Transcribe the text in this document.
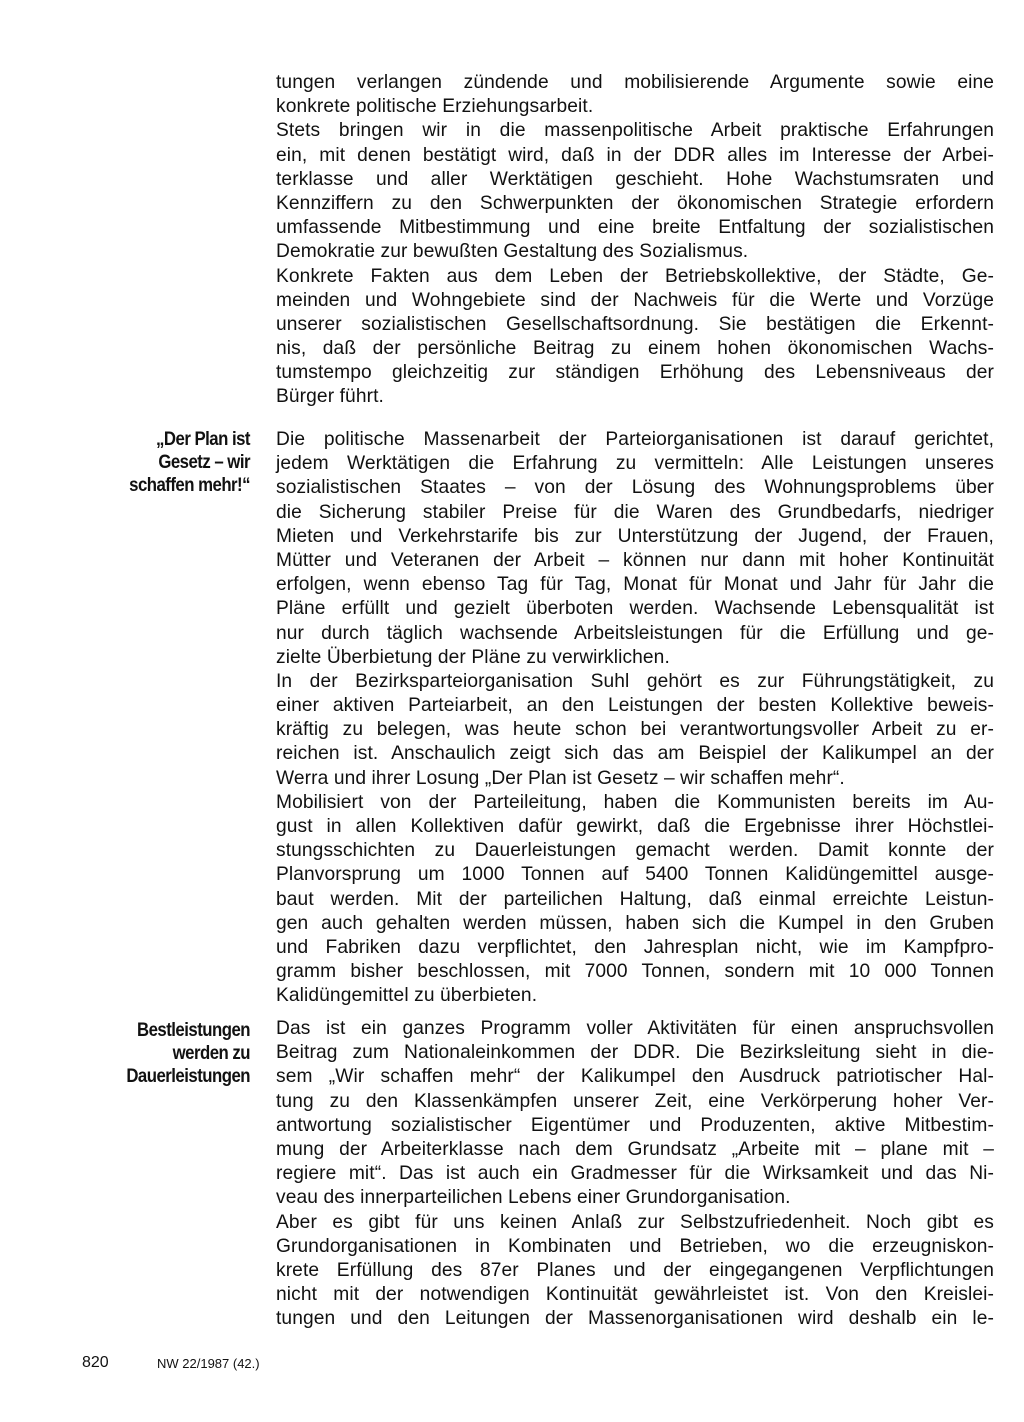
tungen verlangen zündende und mobilisierende Argumente sowie eine
konkrete politische Erziehungsarbeit.
Stets bringen wir in die massenpolitische Arbeit praktische Erfahrungen
ein, mit denen bestätigt wird, daß in der DDR alles im Interesse der Arbei-
terklasse und aller Werktätigen geschieht. Hohe Wachstumsraten und
Kennziffern zu den Schwerpunkten der ökonomischen Strategie erfordern
umfassende Mitbestimmung und eine breite Entfaltung der sozialistischen
Demokratie zur bewußten Gestaltung des Sozialismus.
Konkrete Fakten aus dem Leben der Betriebskollektive, der Städte, Ge-
meinden und Wohngebiete sind der Nachweis für die Werte und Vorzüge
unserer sozialistischen Gesellschaftsordnung. Sie bestätigen die Erkennt-
nis, daß der persönliche Beitrag zu einem hohen ökonomischen Wachs-
tumstempo gleichzeitig zur ständigen Erhöhung des Lebensniveaus der
Bürger führt.
„Der Plan ist
Gesetz – wir
schaffen mehr!“
Die politische Massenarbeit der Parteiorganisationen ist darauf gerichtet,
jedem Werktätigen die Erfahrung zu vermitteln: Alle Leistungen unseres
sozialistischen Staates – von der Lösung des Wohnungsproblems über
die Sicherung stabiler Preise für die Waren des Grundbedarfs, niedriger
Mieten und Verkehrstarife bis zur Unterstützung der Jugend, der Frauen,
Mütter und Veteranen der Arbeit – können nur dann mit hoher Kontinuität
erfolgen, wenn ebenso Tag für Tag, Monat für Monat und Jahr für Jahr die
Pläne erfüllt und gezielt überboten werden. Wachsende Lebensqualität ist
nur durch täglich wachsende Arbeitsleistungen für die Erfüllung und ge-
zielte Überbietung der Pläne zu verwirklichen.
In der Bezirksparteiorganisation Suhl gehört es zur Führungstätigkeit, zu
einer aktiven Parteiarbeit, an den Leistungen der besten Kollektive beweis-
kräftig zu belegen, was heute schon bei verantwortungsvoller Arbeit zu er-
reichen ist. Anschaulich zeigt sich das am Beispiel der Kalikumpel an der
Werra und ihrer Losung „Der Plan ist Gesetz – wir schaffen mehr“.
Mobilisiert von der Parteileitung, haben die Kommunisten bereits im Au-
gust in allen Kollektiven dafür gewirkt, daß die Ergebnisse ihrer Höchstlei-
stungsschichten zu Dauerleistungen gemacht werden. Damit konnte der
Planvorsprung um 1000 Tonnen auf 5400 Tonnen Kalidüngemittel ausge-
baut werden. Mit der parteilichen Haltung, daß einmal erreichte Leistun-
gen auch gehalten werden müssen, haben sich die Kumpel in den Gruben
und Fabriken dazu verpflichtet, den Jahresplan nicht, wie im Kampfpro-
gramm bisher beschlossen, mit 7000 Tonnen, sondern mit 10 000 Tonnen
Kalidüngemittel zu überbieten.
Bestleistungen
werden zu
Dauerleistungen
Das ist ein ganzes Programm voller Aktivitäten für einen anspruchsvollen
Beitrag zum Nationaleinkommen der DDR. Die Bezirksleitung sieht in die-
sem „Wir schaffen mehr“ der Kalikumpel den Ausdruck patriotischer Hal-
tung zu den Klassenkämpfen unserer Zeit, eine Verkörperung hoher Ver-
antwortung sozialistischer Eigentümer und Produzenten, aktive Mitbestim-
mung der Arbeiterklasse nach dem Grundsatz „Arbeite mit – plane mit –
regiere mit“. Das ist auch ein Gradmesser für die Wirksamkeit und das Ni-
veau des innerparteilichen Lebens einer Grundorganisation.
Aber es gibt für uns keinen Anlaß zur Selbstzufriedenheit. Noch gibt es
Grundorganisationen in Kombinaten und Betrieben, wo die erzeugniskon-
krete Erfüllung des 87er Planes und der eingegangenen Verpflichtungen
nicht mit der notwendigen Kontinuität gewährleistet ist. Von den Kreislei-
tungen und den Leitungen der Massenorganisationen wird deshalb ein le-
820	NW 22/1987 (42.)
